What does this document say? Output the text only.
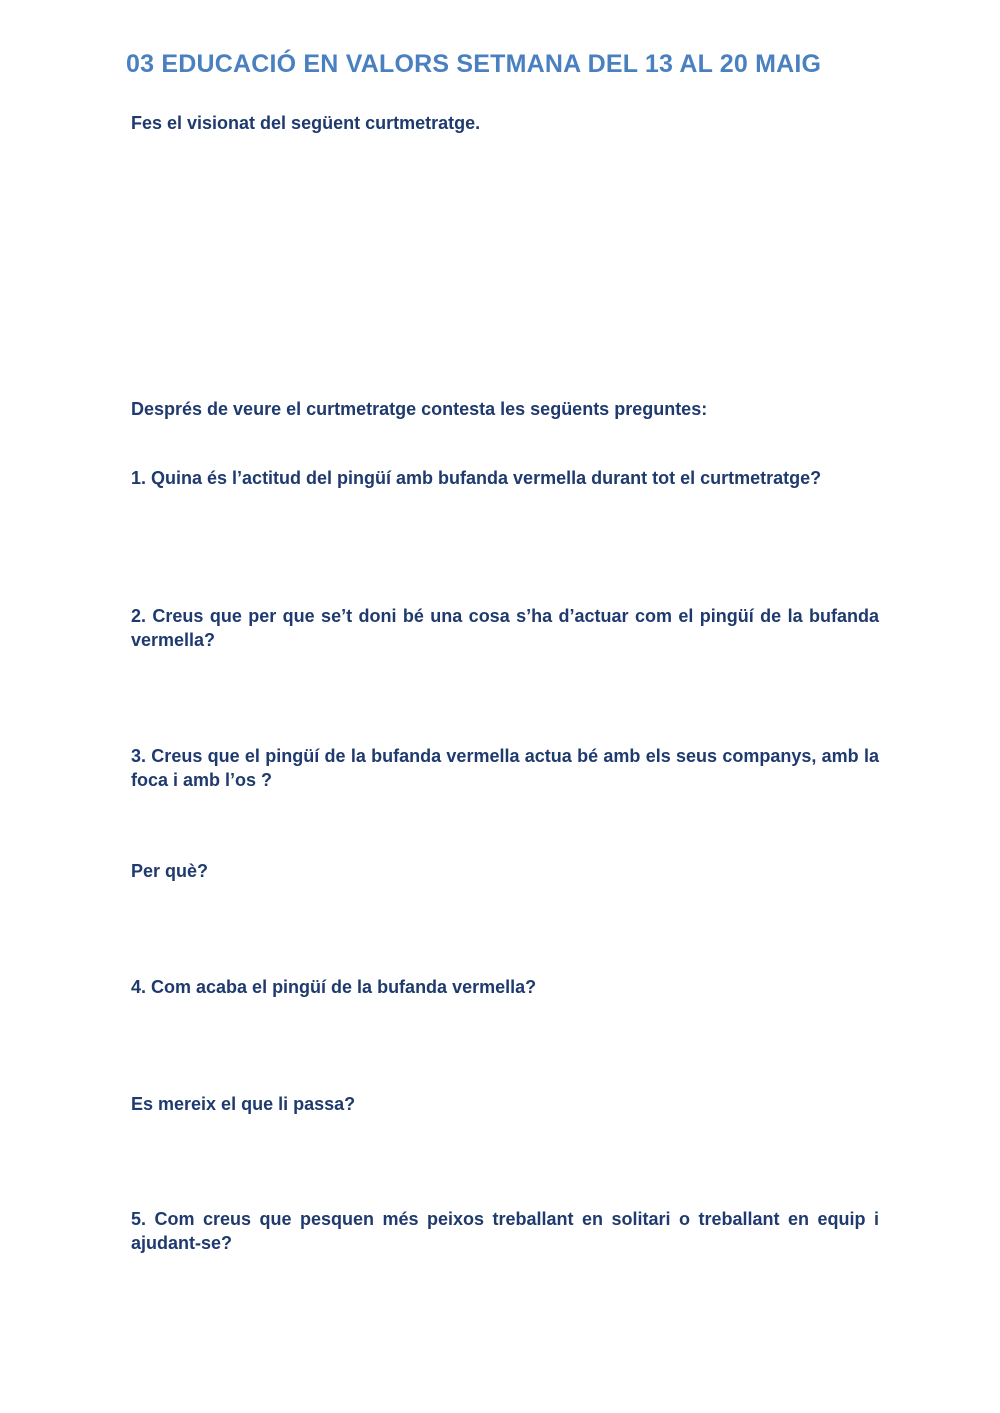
03 EDUCACIÓ EN VALORS SETMANA DEL 13 AL 20 MAIG
Fes el visionat del següent curtmetratge.
Després de veure el curtmetratge contesta les següents preguntes:
1. Quina és l’actitud del pingüí amb bufanda vermella durant tot el curtmetratge?
2. Creus que per que se’t doni bé una cosa s’ha d’actuar com el pingüí de la bufanda vermella?
3. Creus que el pingüí de la bufanda vermella actua bé amb els seus companys, amb la foca i amb l’os ?
Per què?
4. Com acaba el pingüí de la bufanda vermella?
Es mereix el que li passa?
5. Com creus que pesquen més peixos treballant en solitari o treballant en equip i ajudant-se?
